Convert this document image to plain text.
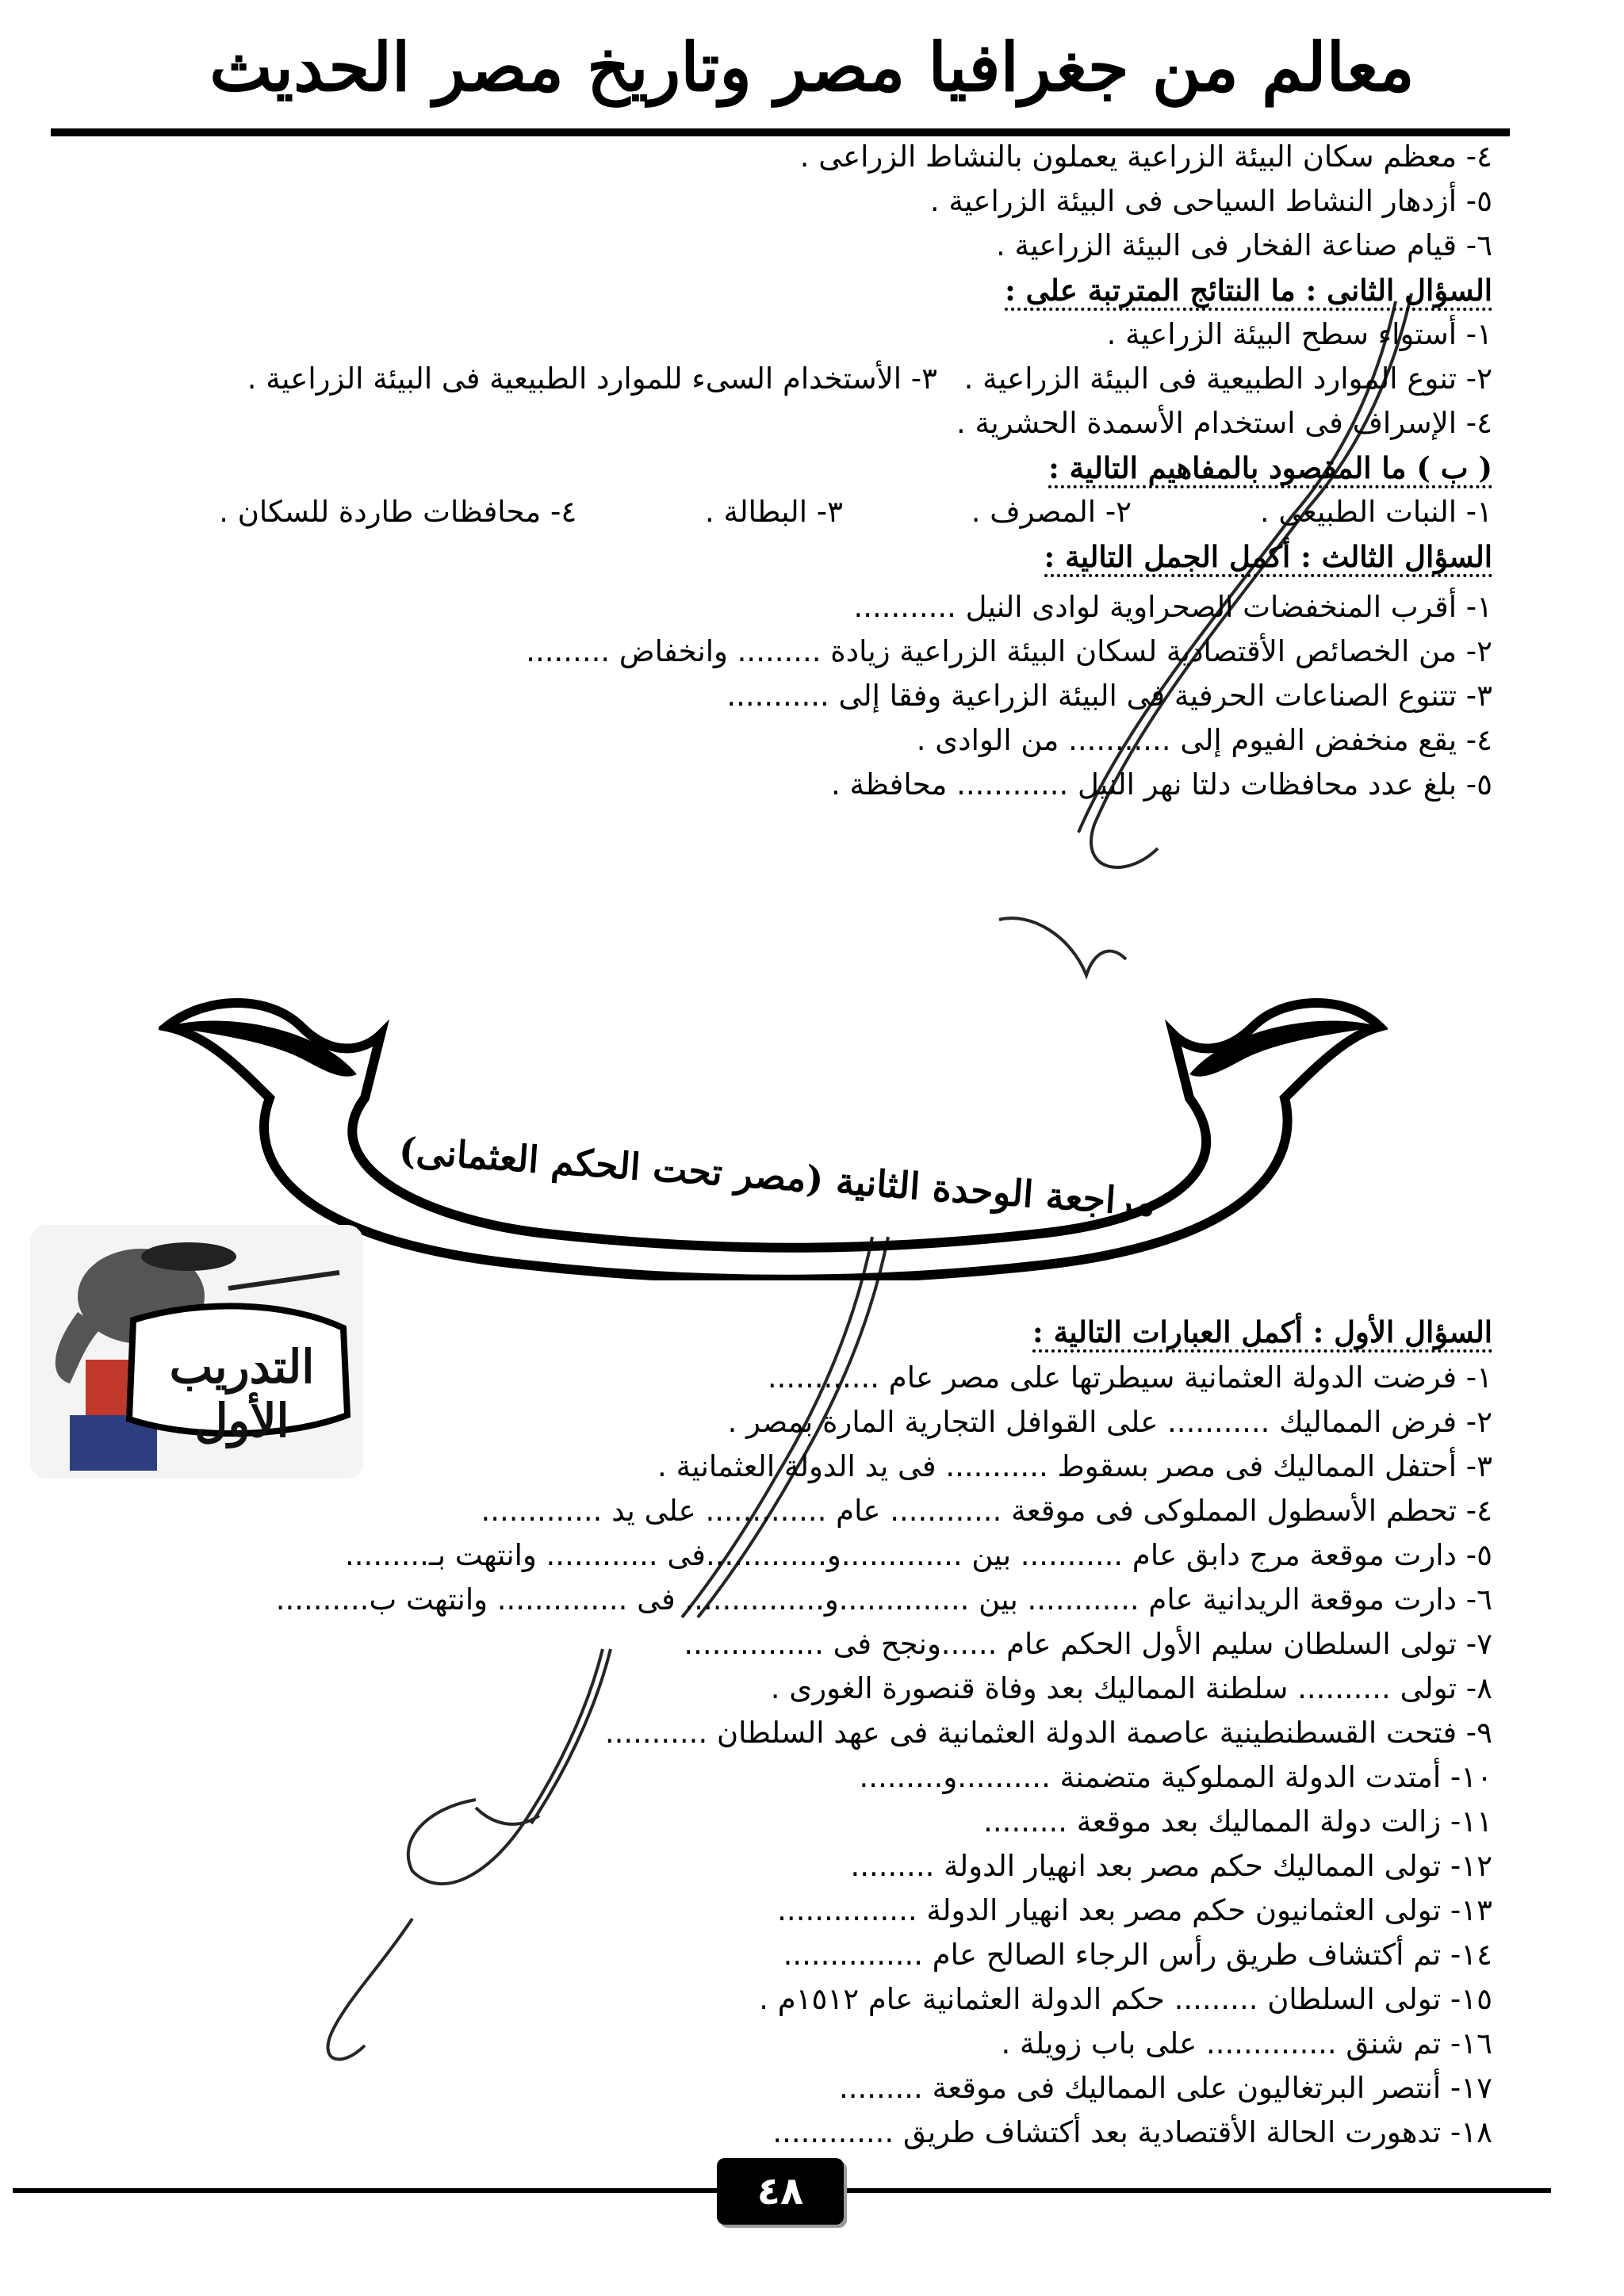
معالم من جغرافيا مصر وتاريخ مصر الحديث
٤- معظم سكان البيئة الزراعية يعملون بالنشاط الزراعى .
٥- أزدهار النشاط السياحى فى البيئة الزراعية .
٦- قيام صناعة الفخار فى البيئة الزراعية .
السؤال الثانى : ما النتائج المترتبة على :
١- أستواء سطح البيئة الزراعية .
٢- تنوع الموارد الطبيعية فى البيئة الزراعية .
٣- الأستخدام السىء للموارد الطبيعية فى البيئة الزراعية .
٤- الإسراف فى استخدام الأسمدة الحشرية .
( ب ) ما المقصود بالمفاهيم التالية :
١- النبات الطبيعى . ٢- المصرف . ٣- البطالة . ٤- محافظات طاردة للسكان .
السؤال الثالث : أكمل الجمل التالية :
١- أقرب المنخفضات الصحراوية لوادى النيل ...........
٢- من الخصائص الأقتصادية لسكان البيئة الزراعية زيادة ......... وانخفاض .........
٣- تتنوع الصناعات الحرفية فى البيئة الزراعية وفقا إلى ...........
٤- يقع منخفض الفيوم إلى ........... من الوادى .
٥- بلغ عدد محافظات دلتا نهر النيل ............ محافظة .
مراجعة الوحدة الثانية (مصر تحت الحكم العثمانى)
التدريب الأول
السؤال الأول : أكمل العبارات التالية :
١- فرضت الدولة العثمانية سيطرتها على مصر عام ............
٢- فرض المماليك ........... على القوافل التجارية المارة بمصر .
٣- أحتفل المماليك فى مصر بسقوط ........... فى يد الدولة العثمانية .
٤- تحطم الأسطول المملوكى فى موقعة ............ عام ............. على يد .............
٥- دارت موقعة مرج دابق عام ........... بين .............و.............فى ............ وانتهت بـ.........
٦- دارت موقعة الريدانية عام ............ بين ..............و............... فى .............. وانتهت ب..........
٧- تولى السلطان سليم الأول الحكم عام ......ونجح فى ...............
٨- تولى .......... سلطنة المماليك بعد وفاة قنصورة الغورى .
٩- فتحت القسطنطينية عاصمة الدولة العثمانية فى عهد السلطان ...........
١٠- أمتدت الدولة المملوكية متضمنة ..........و.........
١١- زالت دولة المماليك بعد موقعة .........
١٢- تولى المماليك حكم مصر بعد انهيار الدولة .........
١٣- تولى العثمانيون حكم مصر بعد انهيار الدولة ...............
١٤- تم أكتشاف طريق رأس الرجاء الصالح عام ...............
١٥- تولى السلطان ......... حكم الدولة العثمانية عام ١٥١٢م .
١٦- تم شنق .............. على باب زويلة .
١٧- أنتصر البرتغاليون على المماليك فى موقعة .........
١٨- تدهورت الحالة الأقتصادية بعد أكتشاف طريق .............
٤٨
